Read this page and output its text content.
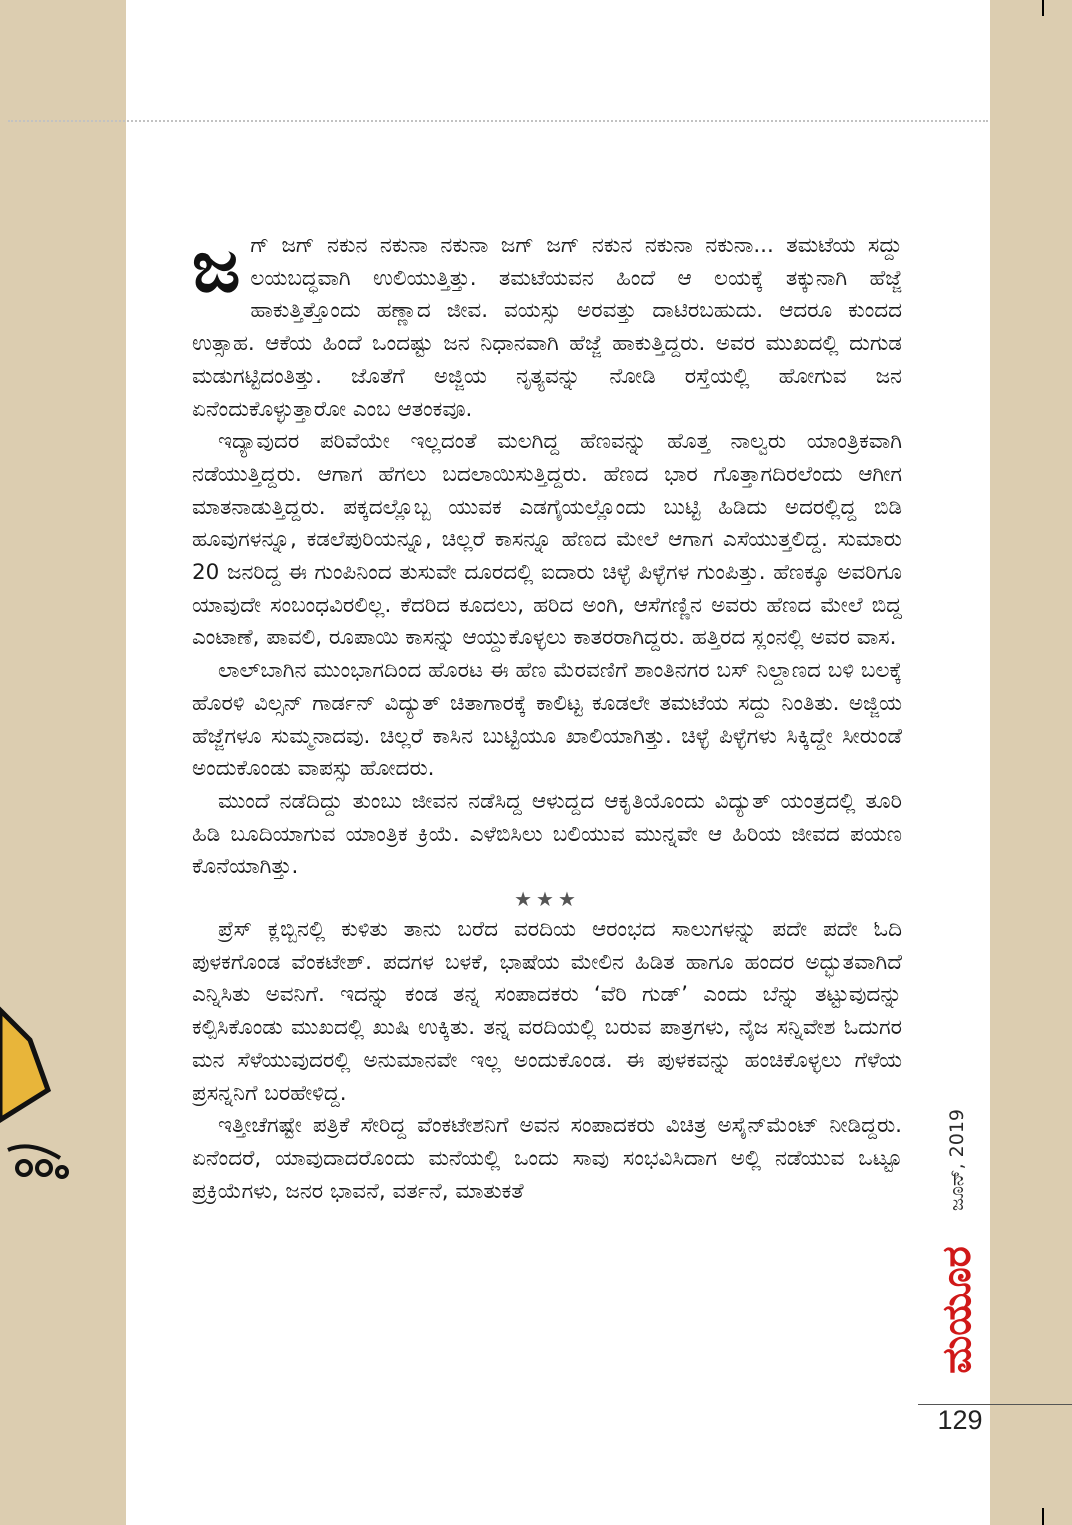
ಜಗ್ ಜಗ್ ನಕುನ ನಕುನಾ ನಕುನಾ ಜಗ್ ಜಗ್ ನಕುನ ನಕುನಾ ನಕುನಾ... ತಮಟೆಯ ಸದ್ದು ಲಯಬದ್ಧವಾಗಿ ಉಲಿಯುತ್ತಿತ್ತು. ತಮಟೆಯವನ ಹಿಂದೆ ಆ ಲಯಕ್ಕೆ ತಕ್ಕುನಾಗಿ ಹೆಜ್ಜೆ ಹಾಕುತ್ತಿತ್ತೊಂದು ಹಣ್ಣಾದ ಜೀವ. ವಯಸ್ಸು ಅರವತ್ತು ದಾಟಿರಬಹುದು. ಆದರೂ ಕುಂದದ ಉತ್ಸಾಹ. ಆಕೆಯ ಹಿಂದೆ ಒಂದಷ್ಟು ಜನ ನಿಧಾನವಾಗಿ ಹೆಜ್ಜೆ ಹಾಕುತ್ತಿದ್ದರು. ಅವರ ಮುಖದಲ್ಲಿ ದುಗುಡ ಮಡುಗಟ್ಟಿದಂತಿತ್ತು. ಜೊತೆಗೆ ಅಜ್ಜಿಯ ನೃತ್ಯವನ್ನು ನೋಡಿ ರಸ್ತೆಯಲ್ಲಿ ಹೋಗುವ ಜನ ಏನೆಂದುಕೊಳ್ಳುತ್ತಾರೋ ಎಂಬ ಆತಂಕವೂ.

ಇದ್ಯಾವುದರ ಪರಿವೆಯೇ ಇಲ್ಲದಂತೆ ಮಲಗಿದ್ದ ಹೆಣವನ್ನು ಹೊತ್ತ ನಾಲ್ವರು ಯಾಂತ್ರಿಕವಾಗಿ ನಡೆಯುತ್ತಿದ್ದರು. ಆಗಾಗ ಹೆಗಲು ಬದಲಾಯಿಸುತ್ತಿದ್ದರು. ಹೆಣದ ಭಾರ ಗೊತ್ತಾಗದಿರಲೆಂದು ಆಗೀಗ ಮಾತನಾಡುತ್ತಿದ್ದರು. ಪಕ್ಕದಲ್ಲೊಬ್ಬ ಯುವಕ ಎಡಗೈಯಲ್ಲೊಂದು ಬುಟ್ಟಿ ಹಿಡಿದು ಅದರಲ್ಲಿದ್ದ ಬಿಡಿ ಹೂವುಗಳನ್ನೂ, ಕಡಲೆಪುರಿಯನ್ನೂ, ಚಿಲ್ಲರೆ ಕಾಸನ್ನೂ ಹೆಣದ ಮೇಲೆ ಆಗಾಗ ಎಸೆಯುತ್ತಲಿದ್ದ. ಸುಮಾರು 20 ಜನರಿದ್ದ ಈ ಗುಂಪಿನಿಂದ ತುಸುವೇ ದೂರದಲ್ಲಿ ಐದಾರು ಚಿಳ್ಳೆ ಪಿಳ್ಳೆಗಳ ಗುಂಪಿತ್ತು. ಹೆಣಕ್ಕೂ ಅವರಿಗೂ ಯಾವುದೇ ಸಂಬಂಧವಿರಲಿಲ್ಲ. ಕೆದರಿದ ಕೂದಲು, ಹರಿದ ಅಂಗಿ, ಆಸೆಗಣ್ಣಿನ ಅವರು ಹೆಣದ ಮೇಲೆ ಬಿದ್ದ ಎಂಟಾಣೆ, ಪಾವಲಿ, ರೂಪಾಯಿ ಕಾಸನ್ನು ಆಯ್ದುಕೊಳ್ಳಲು ಕಾತರರಾಗಿದ್ದರು. ಹತ್ತಿರದ ಸ್ಲಂನಲ್ಲಿ ಅವರ ವಾಸ.

ಲಾಲ್‌ಬಾಗಿನ ಮುಂಭಾಗದಿಂದ ಹೊರಟ ಈ ಹೆಣ ಮೆರವಣಿಗೆ ಶಾಂತಿನಗರ ಬಸ್ ನಿಲ್ದಾಣದ ಬಳಿ ಬಲಕ್ಕೆ ಹೊರಳಿ ವಿಲ್ಸನ್ ಗಾರ್ಡನ್ ವಿದ್ಯುತ್ ಚಿತಾಗಾರಕ್ಕೆ ಕಾಲಿಟ್ಟ ಕೂಡಲೇ ತಮಟೆಯ ಸದ್ದು ನಿಂತಿತು. ಅಜ್ಜಿಯ ಹೆಜ್ಜೆಗಳೂ ಸುಮ್ಮನಾದವು. ಚಿಲ್ಲರೆ ಕಾಸಿನ ಬುಟ್ಟಿಯೂ ಖಾಲಿಯಾಗಿತ್ತು. ಚಿಳ್ಳೆ ಪಿಳ್ಳೆಗಳು ಸಿಕ್ಕಿದ್ದೇ ಸೀರುಂಡೆ ಅಂದುಕೊಂಡು ವಾಪಸ್ಸು ಹೋದರು.

ಮುಂದೆ ನಡೆದಿದ್ದು ತುಂಬು ಜೀವನ ನಡೆಸಿದ್ದ ಆಳುದ್ದದ ಆಕೃತಿಯೊಂದು ವಿದ್ಯುತ್ ಯಂತ್ರದಲ್ಲಿ ತೂರಿ ಹಿಡಿ ಬೂದಿಯಾಗುವ ಯಾಂತ್ರಿಕ ಕ್ರಿಯೆ. ಎಳೆಬಿಸಿಲು ಬಲಿಯುವ ಮುನ್ನವೇ ಆ ಹಿರಿಯ ಜೀವದ ಪಯಣ ಕೊನೆಯಾಗಿತ್ತು.

★★★

ಪ್ರೆಸ್ ಕ್ಲಬ್ಬಿನಲ್ಲಿ ಕುಳಿತು ತಾನು ಬರೆದ ವರದಿಯ ಆರಂಭದ ಸಾಲುಗಳನ್ನು ಪದೇ ಪದೇ ಓದಿ ಪುಳಕಗೊಂಡ ವೆಂಕಟೇಶ್. ಪದಗಳ ಬಳಕೆ, ಭಾಷೆಯ ಮೇಲಿನ ಹಿಡಿತ ಹಾಗೂ ಹಂದರ ಅದ್ಭುತವಾಗಿದೆ ಎನ್ನಿಸಿತು ಅವನಿಗೆ. ಇದನ್ನು ಕಂಡ ತನ್ನ ಸಂಪಾದಕರು ‘ವೆರಿ ಗುಡ್’ ಎಂದು ಬೆನ್ನು ತಟ್ಟುವುದನ್ನು ಕಲ್ಪಿಸಿಕೊಂಡು ಮುಖದಲ್ಲಿ ಖುಷಿ ಉಕ್ಕಿತು. ತನ್ನ ವರದಿಯಲ್ಲಿ ಬರುವ ಪಾತ್ರಗಳು, ನೈಜ ಸನ್ನಿವೇಶ ಓದುಗರ ಮನ ಸೆಳೆಯುವುದರಲ್ಲಿ ಅನುಮಾನವೇ ಇಲ್ಲ ಅಂದುಕೊಂಡ. ಈ ಪುಳಕವನ್ನು ಹಂಚಿಕೊಳ್ಳಲು ಗೆಳೆಯ ಪ್ರಸನ್ನನಿಗೆ ಬರಹೇಳಿದ್ದ.

ಇತ್ತೀಚೆಗಷ್ಟೇ ಪತ್ರಿಕೆ ಸೇರಿದ್ದ ವೆಂಕಟೇಶನಿಗೆ ಅವನ ಸಂಪಾದಕರು ವಿಚಿತ್ರ ಅಸೈನ್‌ಮೆಂಟ್ ನೀಡಿದ್ದರು. ಏನೆಂದರೆ, ಯಾವುದಾದರೊಂದು ಮನೆಯಲ್ಲಿ ಒಂದು ಸಾವು ಸಂಭವಿಸಿದಾಗ ಅಲ್ಲಿ ನಡೆಯುವ ಒಟ್ಟೂ ಪ್ರಕ್ರಿಯೆಗಳು, ಜನರ ಭಾವನೆ, ವರ್ತನೆ, ಮಾತುಕತೆ	ಜೂನ್, 2019
ಮಯೂರ
129
